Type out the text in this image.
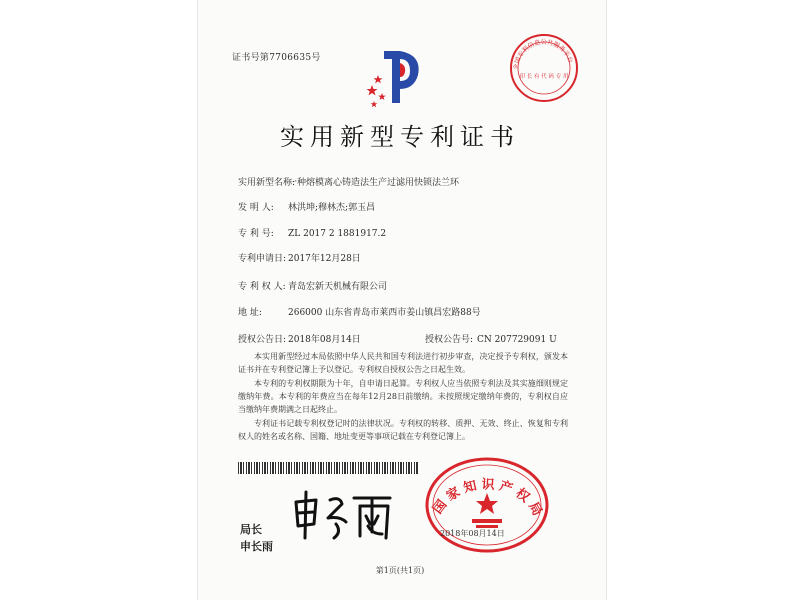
证书号第7706635号
全国专利信息公共服务平台
印 长 有 代 码 专 用
实用新型专利证书
实用新型名称:一种熔模离心铸造法生产过滤用快锁法兰环
发 明 人: 林洪坤;穆林杰;郭玉昌
专 利 号: ZL 2017 2 1881917.2
专利申请日: 2017年12月28日
专 利 权 人: 青岛宏新天机械有限公司
地 址:	266000 山东省青岛市莱西市姜山镇昌宏路88号
授权公告日: 2018年08月14日	授权公告号: CN 207729091 U

本实用新型经过本局依照中华人民共和国专利法进行初步审查，决定授予专利权，颁发本证书并在专利登记簿上予以登记。专利权自授权公告之日起生效。

本专利的专利权期限为十年，自申请日起算。专利权人应当依照专利法及其实施细则规定缴纳年费。本专利的年费应当在每年12月28日前缴纳。未按照规定缴纳年费的，专利权自应当缴纳年费期满之日起终止。

专利证书记载专利权登记时的法律状况。专利权的转移、质押、无效、终止、恢复和专利权人的姓名或名称、国籍、地址变更等事项记载在专利登记簿上。

局长
申长雨
国家知识产权局
2018年08月14日
第1页(共1页)
